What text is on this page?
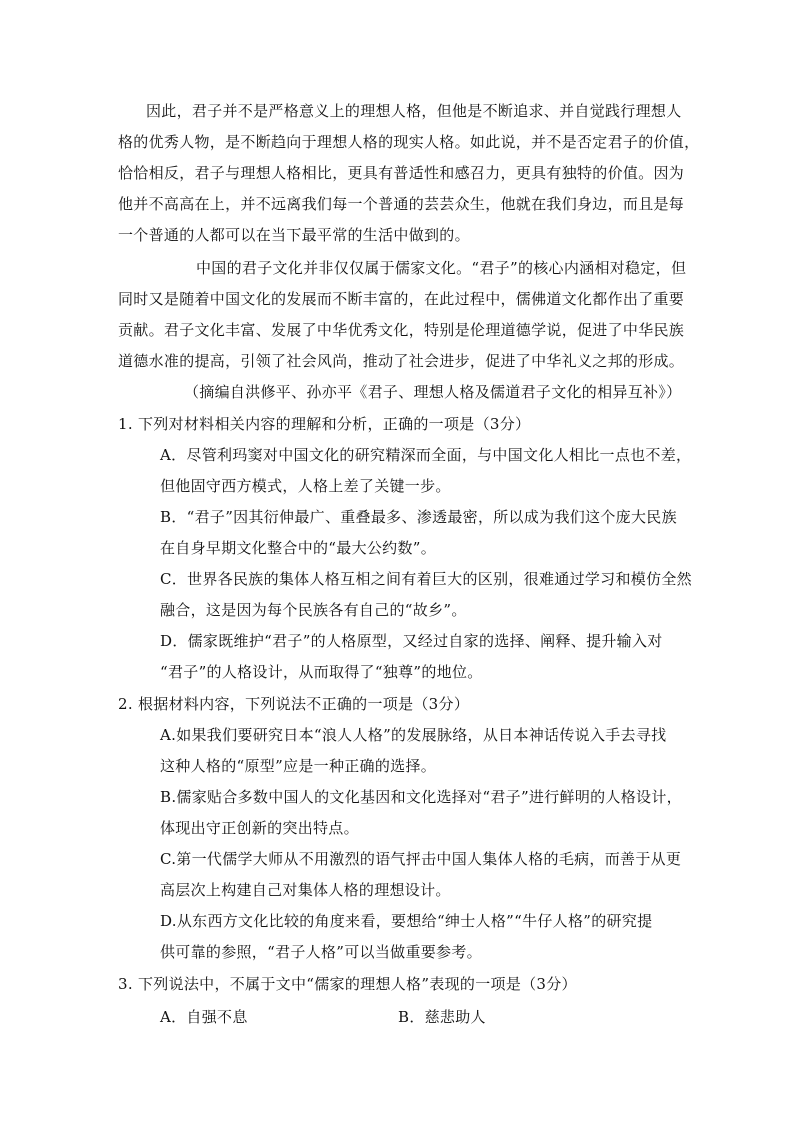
因此，君子并不是严格意义上的理想人格，但他是不断追求、并自觉践行理想人
格的优秀人物，是不断趋向于理想人格的现实人格。如此说，并不是否定君子的价值，
恰恰相反，君子与理想人格相比，更具有普适性和感召力，更具有独特的价值。因为
他并不高高在上，并不远离我们每一个普通的芸芸众生，他就在我们身边，而且是每
一个普通的人都可以在当下最平常的生活中做到的。
中国的君子文化并非仅仅属于儒家文化。“君子”的核心内涵相对稳定，但
同时又是随着中国文化的发展而不断丰富的，在此过程中，儒佛道文化都作出了重要
贡献。君子文化丰富、发展了中华优秀文化，特别是伦理道德学说，促进了中华民族
道德水准的提高，引领了社会风尚，推动了社会进步，促进了中华礼义之邦的形成。
（摘编自洪修平、孙亦平《君子、理想人格及儒道君子文化的相异互补》）
1. 下列对材料相关内容的理解和分析，正确的一项是（3分）
A．尽管利玛窦对中国文化的研究精深而全面，与中国文化人相比一点也不差，
但他固守西方模式，人格上差了关键一步。
B．“君子”因其衍伸最广、重叠最多、渗透最密，所以成为我们这个庞大民族
在自身早期文化整合中的“最大公约数”。
C．世界各民族的集体人格互相之间有着巨大的区别，很难通过学习和模仿全然
融合，这是因为每个民族各有自己的“故乡”。
D．儒家既维护“君子”的人格原型，又经过自家的选择、阐释、提升输入对
“君子”的人格设计，从而取得了“独尊”的地位。
2. 根据材料内容，下列说法不正确的一项是（3分）
A.如果我们要研究日本“浪人人格”的发展脉络，从日本神话传说入手去寻找
这种人格的“原型”应是一种正确的选择。
B.儒家贴合多数中国人的文化基因和文化选择对“君子”进行鲜明的人格设计，
体现出守正创新的突出特点。
C.第一代儒学大师从不用激烈的语气抨击中国人集体人格的毛病，而善于从更
高层次上构建自己对集体人格的理想设计。
D.从东西方文化比较的角度来看，要想给“绅士人格”“牛仔人格”的研究提
供可靠的参照，“君子人格”可以当做重要参考。
3. 下列说法中，不属于文中“儒家的理想人格”表现的一项是（3分）
A．自强不息	B．慈悲助人
